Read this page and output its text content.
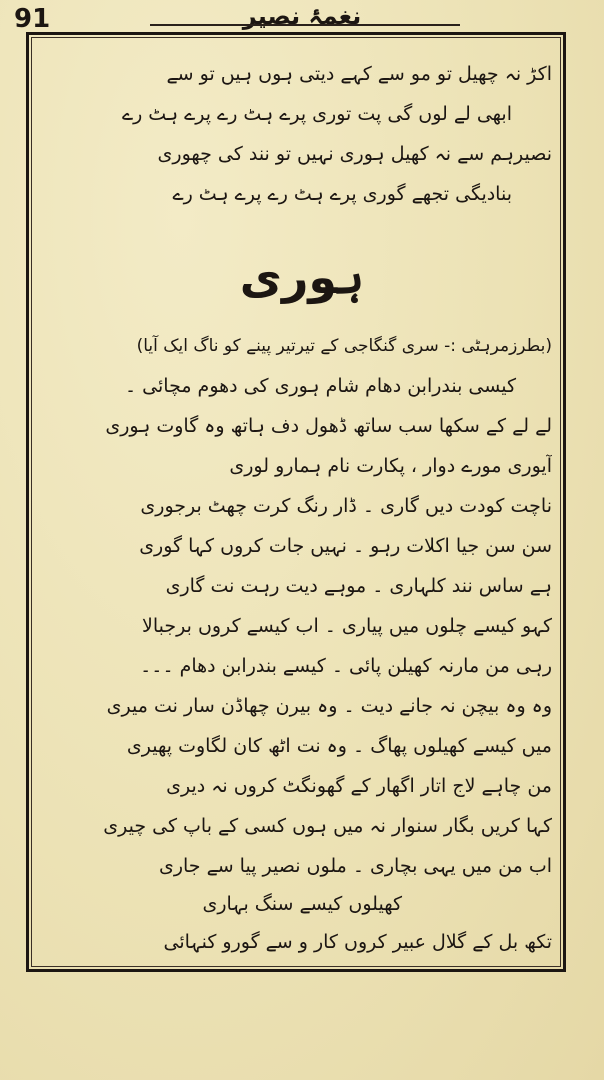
91	نغمۂ نصیر
اکڑ نہ چھیل تو مو سے کہے دیتی ہوں ہیں تو سے
ابھی لے لوں گی پت توری پرے ہٹ رے پرے ہٹ رے
نصیرہم سے نہ کھیل ہوری نہیں تو نند کی چھوری
بنادیگی تجھے گوری پرے ہٹ رے پرے ہٹ رے
ہوری
(بطرزمرہٹی :- سری گنگاجی کے تیرتیر پینے کو ناگ ایک آیا)
کیسی بندرابن دھام شام ہوری کی دھوم مچائی ۔
لے لے کے سکھا سب ساتھ ڈھول دف ہاتھ وہ گاوت ہوری
آیوری مورے دوار ، پکارت نام ہمارو لوری
ناچت کودت دیں گاری ۔ ڈار رنگ کرت چھٹ برجوری
سن سن جیا اکلات رہو ۔ نہیں جات کروں کہا گوری
ہے ساس نند کلہاری ۔ موہے دیت رہت نت گاری
کہو کیسے چلوں میں پیاری ۔ اب کیسے کروں برجبالا
رہی من مارنہ کھیلن پائی ۔ کیسے بندرابن دھام ۔۔۔
وہ وہ بیچن نہ جانے دیت ۔ وہ بیرن چھاڈن سار نت میری
میں کیسے کھیلوں پھاگ ۔ وہ نت اٹھ کان لگاوت پھیری
من چاہے لاج اتار اگھار کے گھونگٹ کروں نہ دیری
کہا کریں بگار سنوار نہ میں ہوں کسی کے باپ کی چیری
اب من میں یہی بچاری ۔ ملوں نصیر پیا سے جاری
کھیلوں کیسے سنگ بہاری
تکھ بل کے گلال عبیر کروں کار و سے گورو کنہائی
